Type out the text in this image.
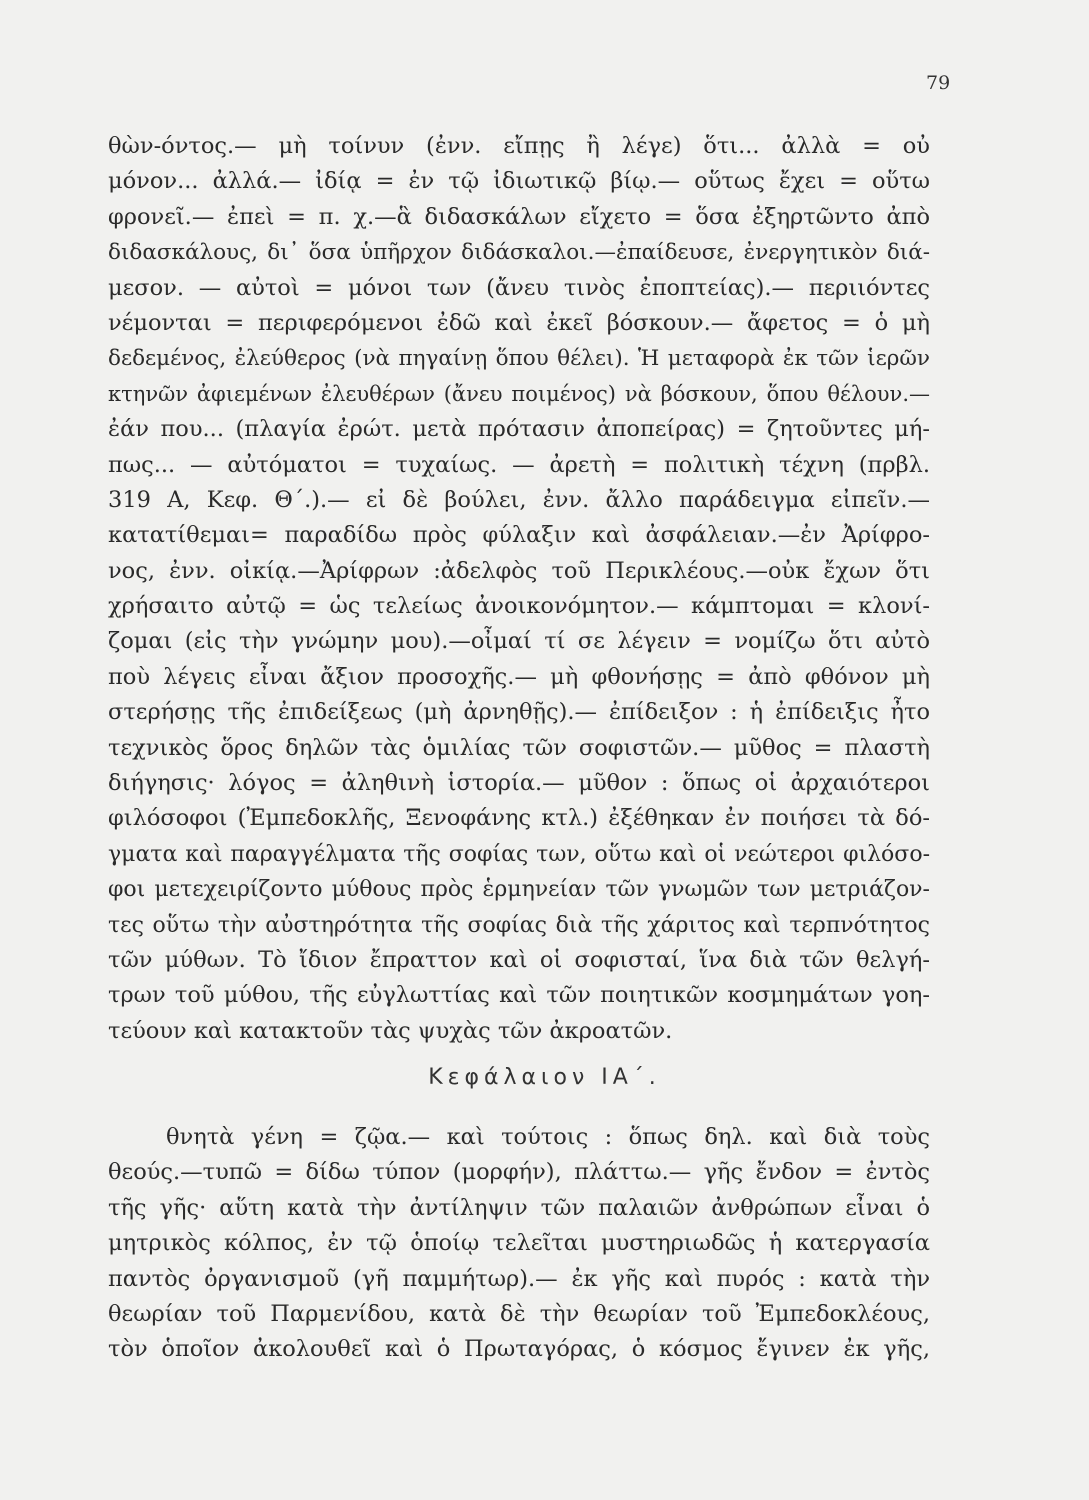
79
θὼν-όντος.— μὴ τοίνυν (ἐνν. εἴπῃς ἢ λέγε) ὅτι... ἀλλὰ = οὐ
μόνον... ἀλλά.— ἰδίᾳ = ἐν τῷ ἰδιωτικῷ βίῳ.— οὕτως ἔχει = οὕτω
φρονεῖ.— ἐπεὶ = π. χ.—ἃ διδασκάλων εἴχετο = ὅσα ἐξηρτῶντο ἀπὸ
διδασκάλους, δι᾿ ὅσα ὑπῆρχον διδάσκαλοι.—ἐπαίδευσε, ἐνεργητικὸν διά-
μεσον. — αὐτοὶ = μόνοι των (ἄνευ τινὸς ἐποπτείας).— περιιόντες
νέμονται = περιφερόμενοι ἐδῶ καὶ ἐκεῖ βόσκουν.— ἄφετος = ὁ μὴ
δεδεμένος, ἐλεύθερος (νὰ πηγαίνῃ ὅπου θέλει). Ἡ μεταφορὰ ἐκ τῶν ἱερῶν
κτηνῶν ἀφιεμένων ἐλευθέρων (ἄνευ ποιμένος) νὰ βόσκουν, ὅπου θέλουν.—
ἐάν που... (πλαγία ἐρώτ. μετὰ πρότασιν ἀποπείρας) = ζητοῦντες μή-
πως... — αὐτόματοι = τυχαίως. — ἀρετὴ = πολιτικὴ τέχνη (πρβλ.
319 Α, Κεφ. Θ΄.).— εἰ δὲ βούλει, ἐνν. ἄλλο παράδειγμα εἰπεῖν.—
κατατίθεμαι= παραδίδω πρὸς φύλαξιν καὶ ἀσφάλειαν.—ἐν Ἀρίφρο-
νος, ἐνν. οἰκίᾳ.—Ἀρίφρων :ἀδελφὸς τοῦ Περικλέους.—οὐκ ἔχων ὅτι
χρήσαιτο αὐτῷ = ὡς τελείως ἀνοικονόμητον.— κάμπτομαι = κλονί-
ζομαι (εἰς τὴν γνώμην μου).—οἶμαί τί σε λέγειν = νομίζω ὅτι αὐτὸ
ποὺ λέγεις εἶναι ἄξιον προσοχῆς.— μὴ φθονήσῃς = ἀπὸ φθόνον μὴ
στερήσῃς τῆς ἐπιδείξεως (μὴ ἀρνηθῇς).— ἐπίδειξον : ἡ ἐπίδειξις ἦτο
τεχνικὸς ὅρος δηλῶν τὰς ὁμιλίας τῶν σοφιστῶν.— μῦθος = πλαστὴ
διήγησις· λόγος = ἀληθινὴ ἱστορία.— μῦθον : ὅπως οἱ ἀρχαιότεροι
φιλόσοφοι (Ἐμπεδοκλῆς, Ξενοφάνης κτλ.) ἐξέθηκαν ἐν ποιήσει τὰ δό-
γματα καὶ παραγγέλματα τῆς σοφίας των, οὕτω καὶ οἱ νεώτεροι φιλόσο-
φοι μετεχειρίζοντο μύθους πρὸς ἑρμηνείαν τῶν γνωμῶν των μετριάζον-
τες οὕτω τὴν αὐστηρότητα τῆς σοφίας διὰ τῆς χάριτος καὶ τερπνότητος
τῶν μύθων. Τὸ ἴδιον ἔπραττον καὶ οἱ σοφισταί, ἵνα διὰ τῶν θελγή-
τρων τοῦ μύθου, τῆς εὐγλωττίας καὶ τῶν ποιητικῶν κοσμημάτων γοη-
τεύουν καὶ κατακτοῦν τὰς ψυχὰς τῶν ἀκροατῶν.
Κεφάλαιον ΙΑ΄.
θνητὰ γένη = ζῷα.— καὶ τούτοις : ὅπως δηλ. καὶ διὰ τοὺς
θεούς.—τυπῶ = δίδω τύπον (μορφήν), πλάττω.— γῆς ἔνδον = ἐντὸς
τῆς γῆς· αὕτη κατὰ τὴν ἀντίληψιν τῶν παλαιῶν ἀνθρώπων εἶναι ὁ
μητρικὸς κόλπος, ἐν τῷ ὁποίῳ τελεῖται μυστηριωδῶς ἡ κατεργασία
παντὸς ὀργανισμοῦ (γῆ παμμήτωρ).— ἐκ γῆς καὶ πυρός : κατὰ τὴν
θεωρίαν τοῦ Παρμενίδου, κατὰ δὲ τὴν θεωρίαν τοῦ Ἐμπεδοκλέους,
τὸν ὁποῖον ἀκολουθεῖ καὶ ὁ Πρωταγόρας, ὁ κόσμος ἔγινεν ἐκ γῆς,
